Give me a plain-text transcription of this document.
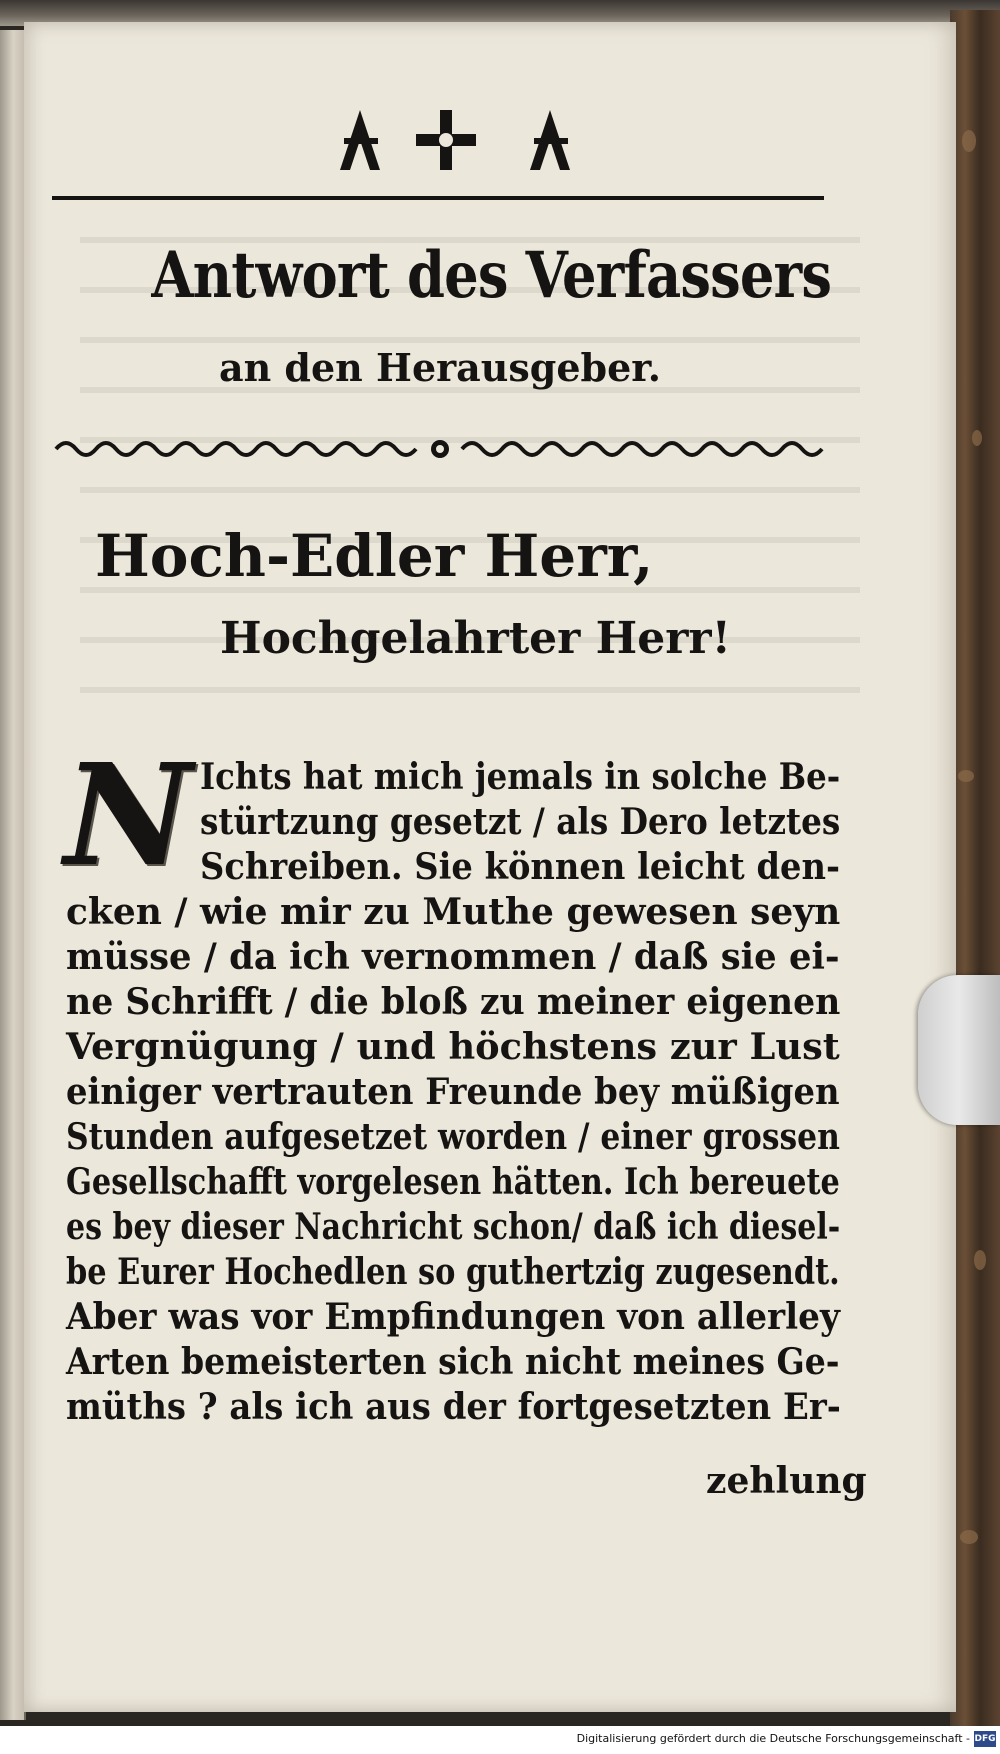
Antwort des Verfassers
an den Herausgeber.
Hoch-Edler Herr,
Hochgelahrter Herr!
N Ichts hat mich jemals in solche Be-
stürtzung gesetzt / als Dero letztes
Schreiben. Sie können leicht den-
cken / wie mir zu Muthe gewesen seyn
müsse / da ich vernommen / daß sie ei-
ne Schrifft / die bloß zu meiner eigenen
Vergnügung / und höchstens zur Lust
einiger vertrauten Freunde bey müßigen
Stunden aufgesetzet worden / einer grossen
Gesellschafft vorgelesen hätten. Ich bereuete
es bey dieser Nachricht schon/ daß ich diesel-
be Eurer Hochedlen so guthertzig zugesendt.
Aber was vor Empfindungen von allerley
Arten bemeisterten sich nicht meines Ge-
müths ? als ich aus der fortgesetzten Er-
zehlung
Digitalisierung gefördert durch die Deutsche Forschungsgemeinschaft - DFG
